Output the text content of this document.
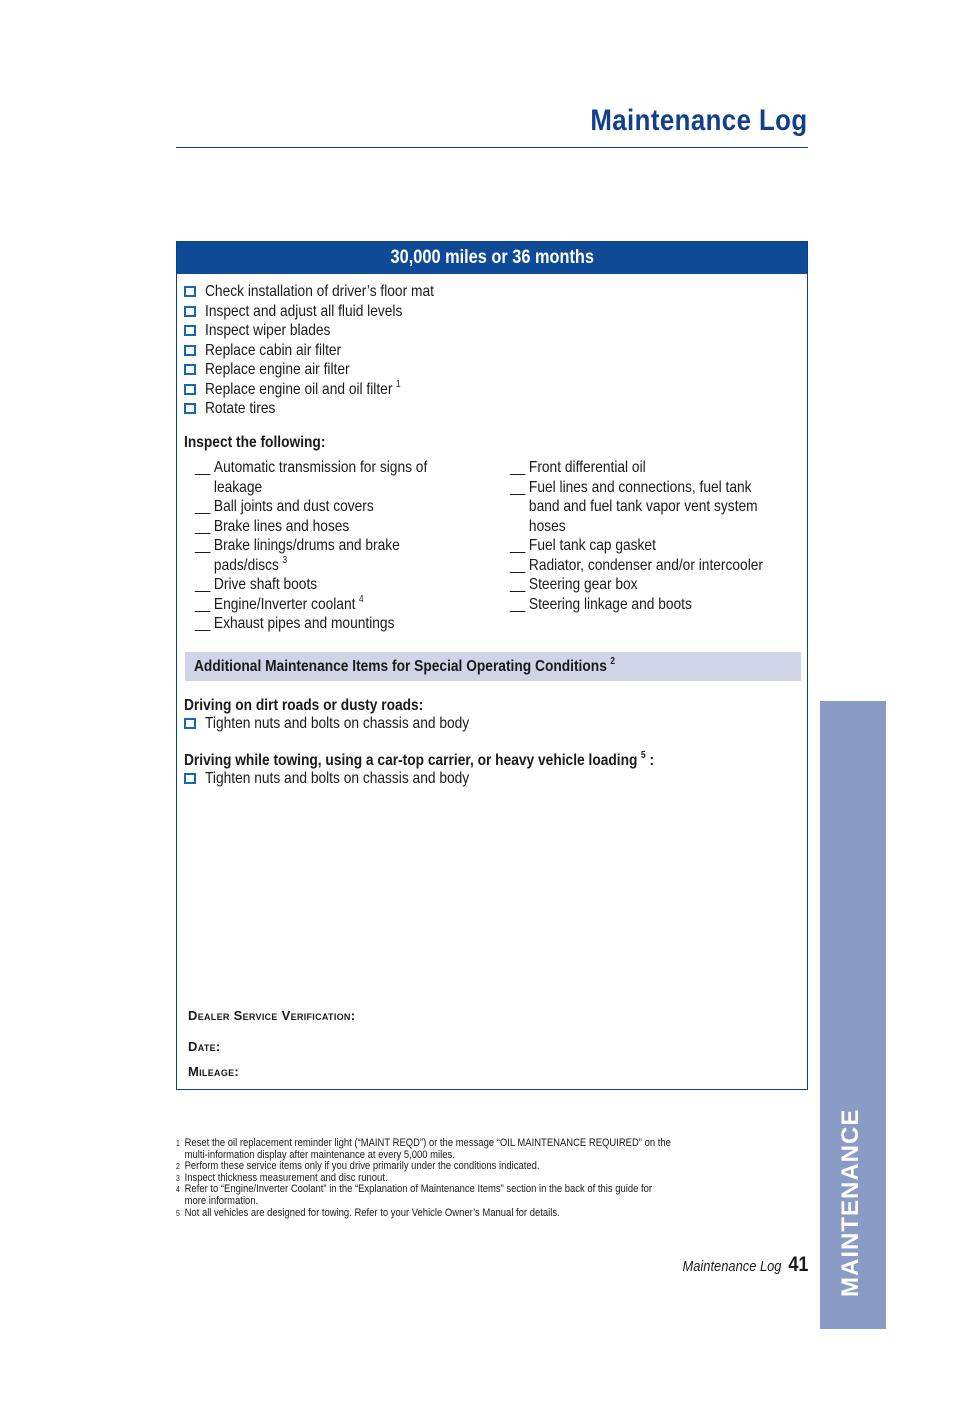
Maintenance Log
30,000 miles or 36 months
Check installation of driver’s floor mat
Inspect and adjust all fluid levels
Inspect wiper blades
Replace cabin air filter
Replace engine air filter
Replace engine oil and oil filter $^1$
Rotate tires
Inspect the following:
__ Automatic transmission for signs of
leakage
__ Ball joints and dust covers
__ Brake lines and hoses
__ Brake linings/drums and brake
pads/discs $^3$
__ Drive shaft boots
__ Engine/Inverter coolant $^4$
__ Exhaust pipes and mountings
__ Front differential oil
__ Fuel lines and connections, fuel tank
band and fuel tank vapor vent system
hoses
__ Fuel tank cap gasket
__ Radiator, condenser and/or intercooler
__ Steering gear box
__ Steering linkage and boots
Additional Maintenance Items for Special Operating Conditions $^2$
Driving on dirt roads or dusty roads:
Tighten nuts and bolts on chassis and body
Driving while towing, using a car-top carrier, or heavy vehicle loading $^5$ :
Tighten nuts and bolts on chassis and body
Dealer Service Verification:
Date:
Mileage:
1 Reset the oil replacement reminder light (“MAINT REQD”) or the message “OIL MAINTENANCE REQUIRED” on the
multi-information display after maintenance at every 5,000 miles.
2 Perform these service items only if you drive primarily under the conditions indicated.
3 Inspect thickness measurement and disc runout.
4 Refer to “Engine/Inverter Coolant” in the “Explanation of Maintenance Items” section in the back of this guide for
more information.
5 Not all vehicles are designed for towing. Refer to your Vehicle Owner’s Manual for details.
Maintenance Log 41 MAINTENANCE
